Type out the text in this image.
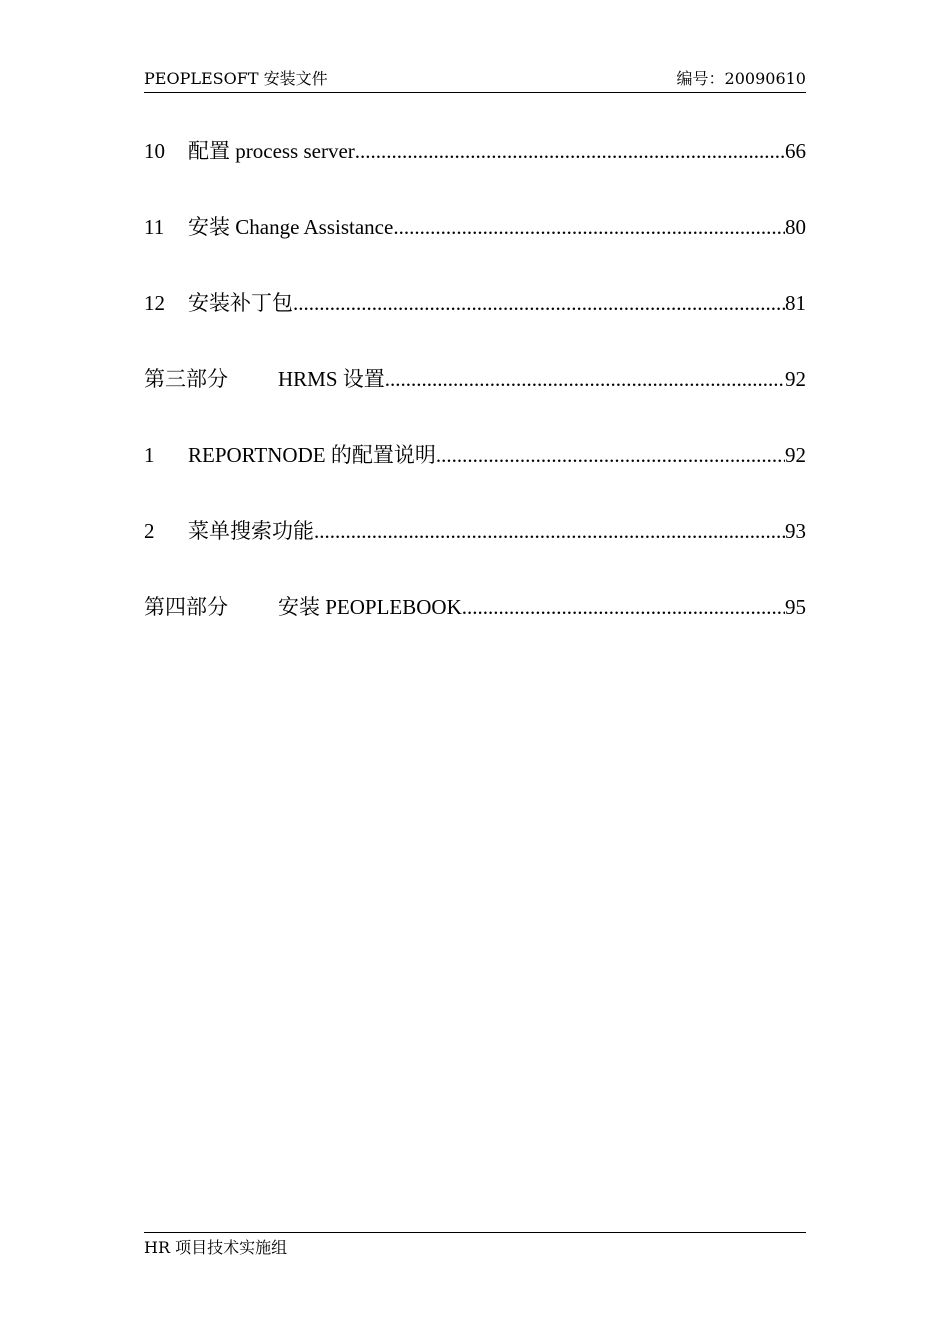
PEOPLESOFT 安装文件	编号：20090610
10	配置 process server .....	66
11	安装 Change Assistance .....	80
12	安装补丁包 .....	81
第三部分	HRMS 设置 .....	92
1	REPORTNODE 的配置说明 .....	92
2	菜单搜索功能 .....	93
第四部分	安装 PEOPLEBOOK .....	95
HR 项目技术实施组
